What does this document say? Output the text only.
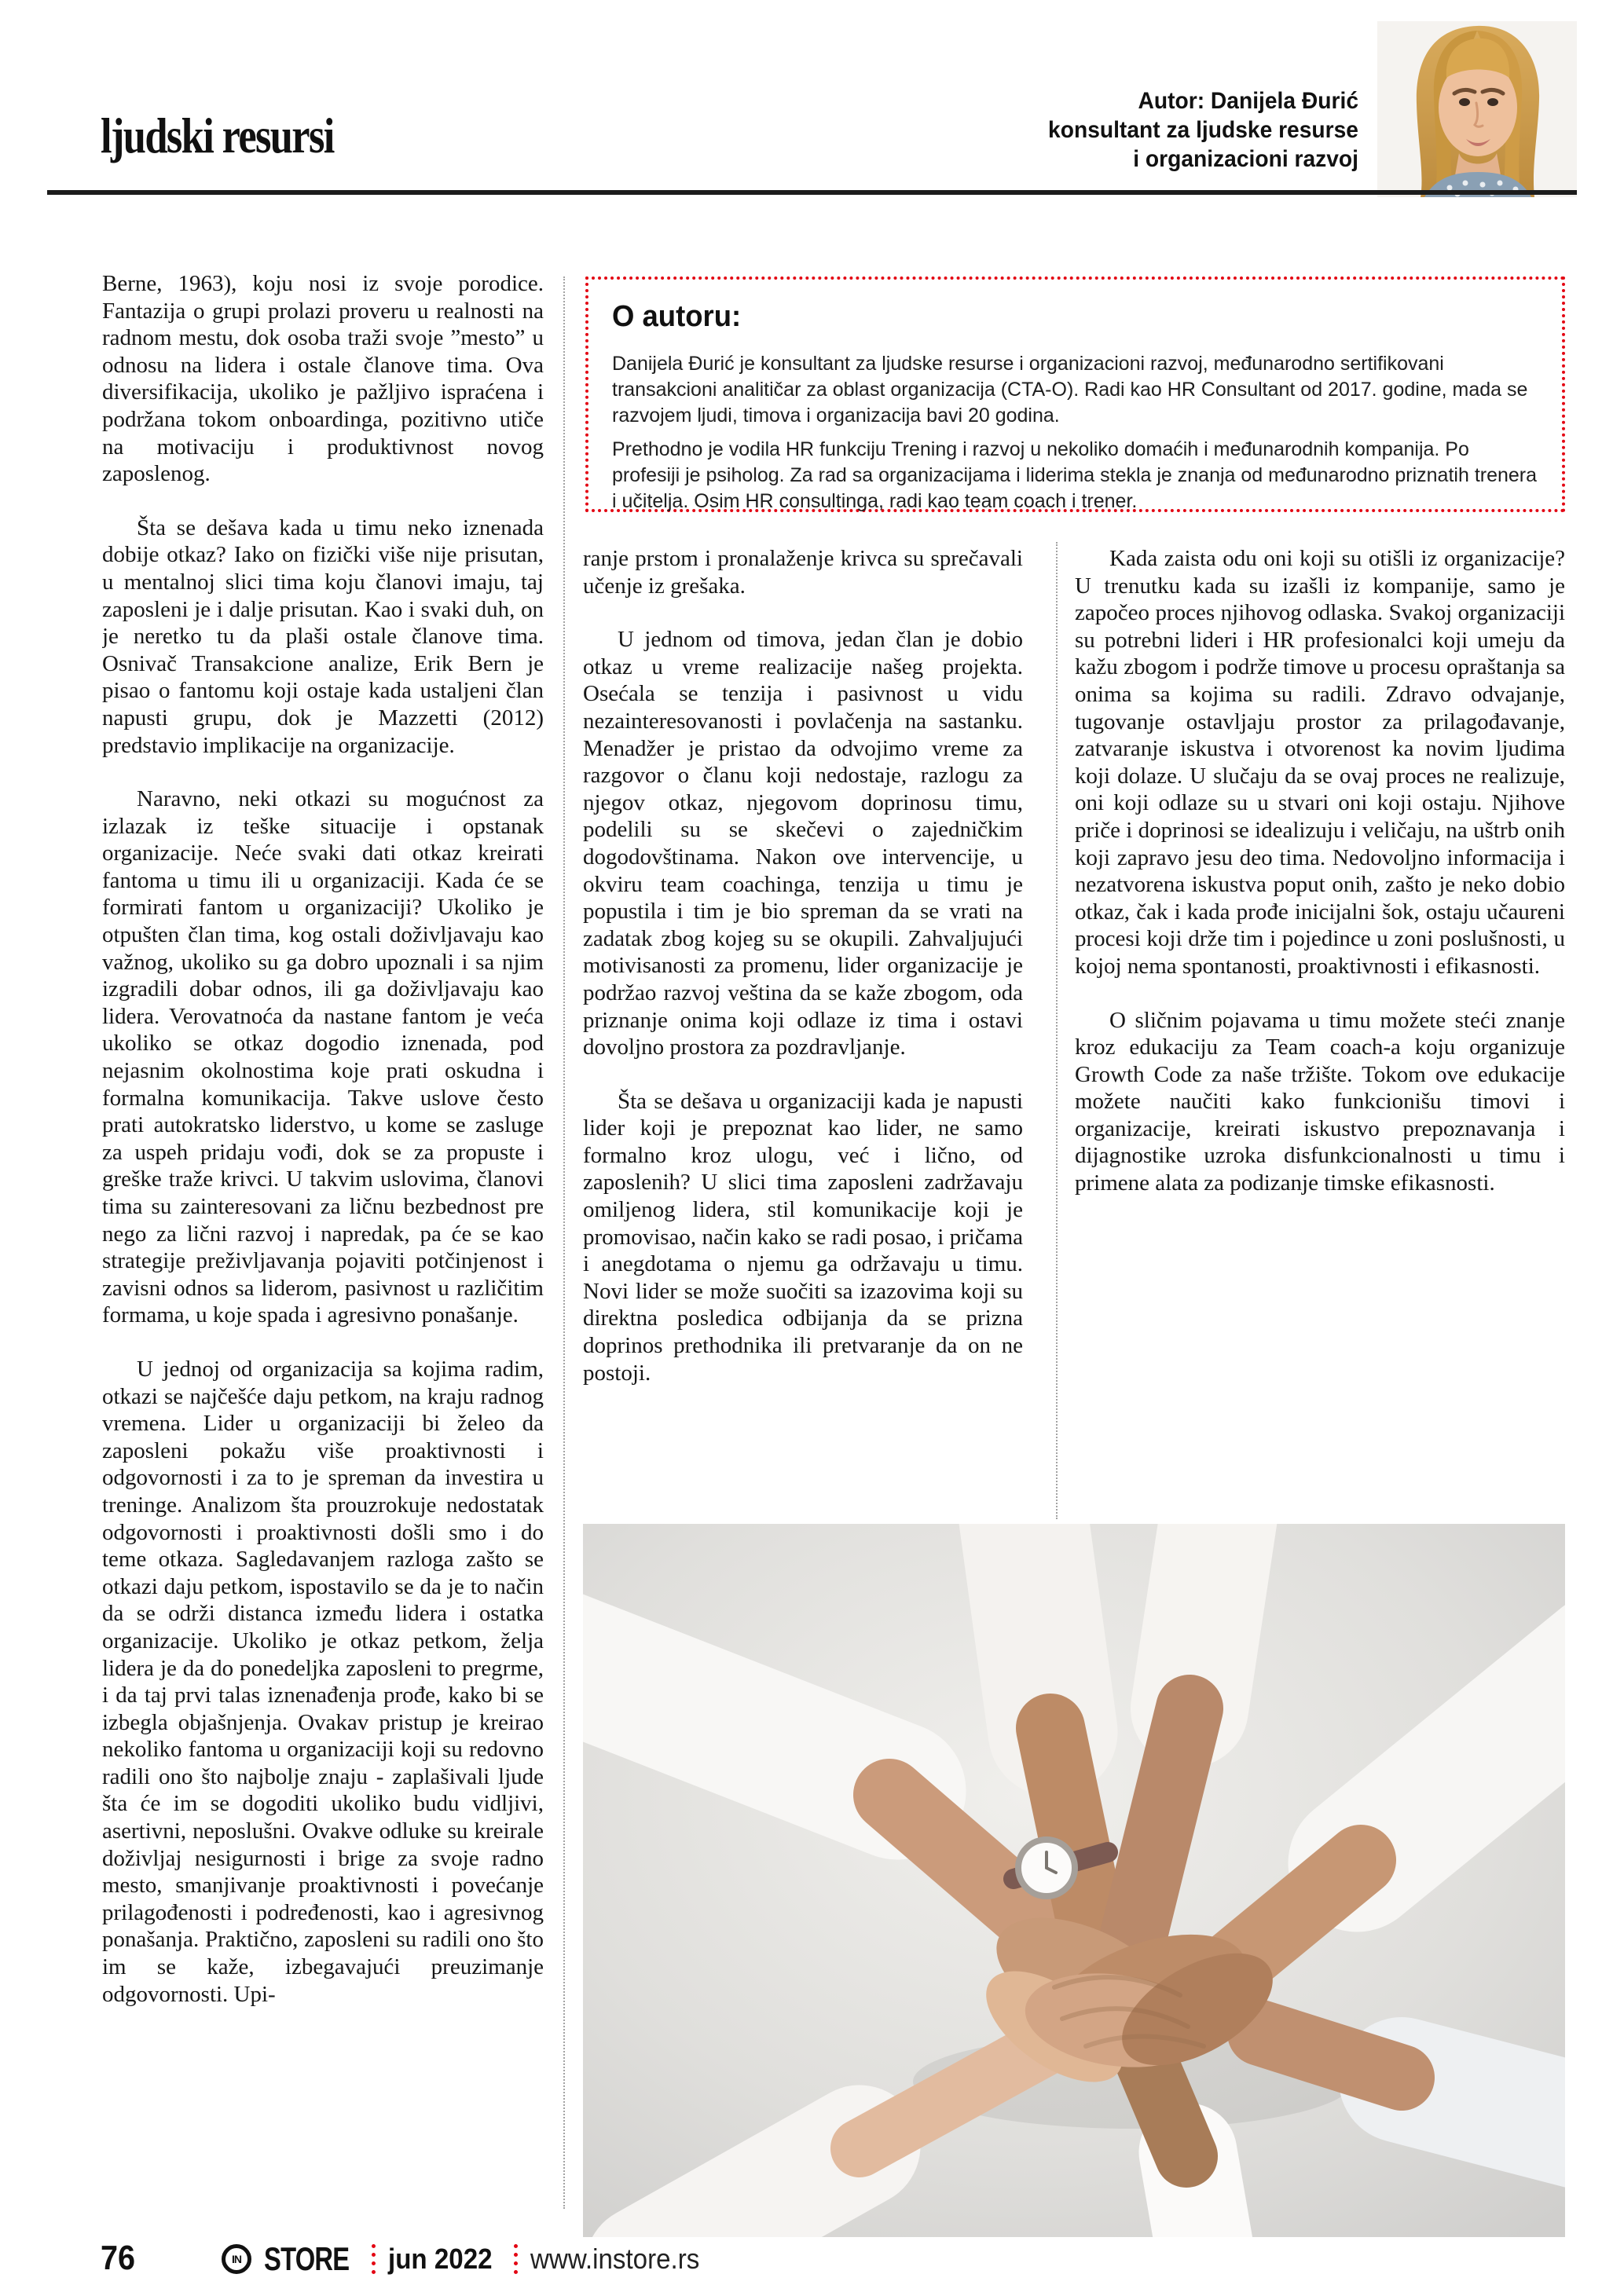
ljudski resursi
Autor: Danijela Đurić
konsultant za ljudske resurse
i organizacioni razvoj
O autoru:
Danijela Đurić je konsultant za ljudske resurse i organizacioni razvoj, međunarodno sertifikovani transakcioni analitičar za oblast organizacija (CTA-O). Radi kao HR Consultant od 2017. godine, mada se razvojem ljudi, timova i organizacija bavi 20 godina.
Prethodno je vodila HR funkciju Trening i razvoj u nekoliko domaćih i međunarodnih kompanija. Po profesiji je psiholog. Za rad sa organizacijama i liderima stekla je znanja od međunarodno priznatih trenera i učitelja. Osim HR consultinga, radi kao team coach i trener.

Berne, 1963), koju nosi iz svoje porodice. Fantazija o grupi prolazi proveru u realnosti na radnom mestu, dok osoba traži svoje ”mesto” u odnosu na lidera i ostale članove tima. Ova diversifikacija, ukoliko je pažljivo ispraćena i podržana tokom onboardinga, pozitivno utiče na motivaciju i produktivnost novog zaposlenog.

Šta se dešava kada u timu neko iznenada dobije otkaz? Iako on fizički više nije prisutan, u mentalnoj slici tima koju članovi imaju, taj zaposleni je i dalje prisutan. Kao i svaki duh, on je neretko tu da plaši ostale članove tima. Osnivač Transakcione analize, Erik Bern je pisao o fantomu koji ostaje kada ustaljeni član napusti grupu, dok je Mazzetti (2012) predstavio implikacije na organizacije.

Naravno, neki otkazi su mogućnost za izlazak iz teške situacije i opstanak organizacije. Neće svaki dati otkaz kreirati fantoma u timu ili u organizaciji. Kada će se formirati fantom u organizaciji? Ukoliko je otpušten član tima, kog ostali doživljavaju kao važnog, ukoliko su ga dobro upoznali i sa njim izgradili dobar odnos, ili ga doživljavaju kao lidera. Verovatnoća da nastane fantom je veća ukoliko se otkaz dogodio iznenada, pod nejasnim okolnostima koje prati oskudna i formalna komunikacija. Takve uslove često prati autokratsko liderstvo, u kome se zasluge za uspeh pridaju vođi, dok se za propuste i greške traže krivci. U takvim uslovima, članovi tima su zainteresovani za ličnu bezbednost pre nego za lični razvoj i napredak, pa će se kao strategije preživljavanja pojaviti potčinjenost i zavisni odnos sa liderom, pasivnost u različitim formama, u koje spada i agresivno ponašanje.

U jednoj od organizacija sa kojima radim, otkazi se najčešće daju petkom, na kraju radnog vremena. Lider u organizaciji bi želeo da zaposleni pokažu više proaktivnosti i odgovornosti i za to je spreman da investira u treninge. Analizom šta prouzrokuje nedostatak odgovornosti i proaktivnosti došli smo i do teme otkaza. Sagledavanjem razloga zašto se otkazi daju petkom, ispostavilo se da je to način da se održi distanca između lidera i ostatka organizacije. Ukoliko je otkaz petkom, želja lidera je da do ponedeljka zaposleni to pregrme, i da taj prvi talas iznenađenja prođe, kako bi se izbegla objašnjenja. Ovakav pristup je kreirao nekoliko fantoma u organizaciji koji su redovno radili ono što najbolje znaju - zaplašivali ljude šta će im se dogoditi ukoliko budu vidljivi, asertivni, neposlušni. Ovakve odluke su kreirale doživljaj nesigurnosti i brige za svoje radno mesto, smanjivanje proaktivnosti i povećanje prilagođenosti i podređenosti, kao i agresivnog ponašanja. Praktično, zaposleni su radili ono što im se kaže, izbegavajući preuzimanje odgovornosti. Upi-

ranje prstom i pronalaženje krivca su sprečavali učenje iz grešaka.

U jednom od timova, jedan član je dobio otkaz u vreme realizacije našeg projekta. Osećala se tenzija i pasivnost u vidu nezainteresovanosti i povlačenja na sastanku. Menadžer je pristao da odvojimo vreme za razgovor o članu koji nedostaje, razlogu za njegov otkaz, njegovom doprinosu timu, podelili su se skečevi o zajedničkim dogodovštinama. Nakon ove intervencije, u okviru team coachinga, tenzija u timu je popustila i tim je bio spreman da se vrati na zadatak zbog kojeg su se okupili. Zahvaljujući motivisanosti za promenu, lider organizacije je podržao razvoj veština da se kaže zbogom, oda priznanje onima koji odlaze iz tima i ostavi dovoljno prostora za pozdravljanje.

Šta se dešava u organizaciji kada je napusti lider koji je prepoznat kao lider, ne samo formalno kroz ulogu, već i lično, od zaposlenih? U slici tima zaposleni zadržavaju omiljenog lidera, stil komunikacije koji je promovisao, način kako se radi posao, i pričama i anegdotama o njemu ga održavaju u timu. Novi lider se može suočiti sa izazovima koji su direktna posledica odbijanja da se prizna doprinos prethodnika ili pretvaranje da on ne postoji.

Kada zaista odu oni koji su otišli iz organizacije? U trenutku kada su izašli iz kompanije, samo je započeo proces njihovog odlaska. Svakoj organizaciji su potrebni lideri i HR profesionalci koji umeju da kažu zbogom i podrže timove u procesu opraštanja sa onima sa kojima su radili. Zdravo odvajanje, tugovanje ostavljaju prostor za prilagođavanje, zatvaranje iskustva i otvorenost ka novim ljudima koji dolaze. U slučaju da se ovaj proces ne realizuje, oni koji odlaze su u stvari oni koji ostaju. Njihove priče i doprinosi se idealizuju i veličaju, na uštrb onih koji zapravo jesu deo tima. Nedovoljno informacija i nezatvorena iskustva poput onih, zašto je neko dobio otkaz, čak i kada prođe inicijalni šok, ostaju učaureni procesi koji drže tim i pojedince u zoni poslušnosti, u kojoj nema spontanosti, proaktivnosti i efikasnosti.

O sličnim pojavama u timu možete steći znanje kroz edukaciju za Team coach-a koju organizuje Growth Code za naše tržište. Tokom ove edukacije možete naučiti kako funkcionišu timovi i organizacije, kreirati iskustvo prepoznavanja i dijagnostike uzroka disfunkcionalnosti u timu i primene alata za podizanje timske efikasnosti.

76	IN STORE jun 2022 www.instore.rs
